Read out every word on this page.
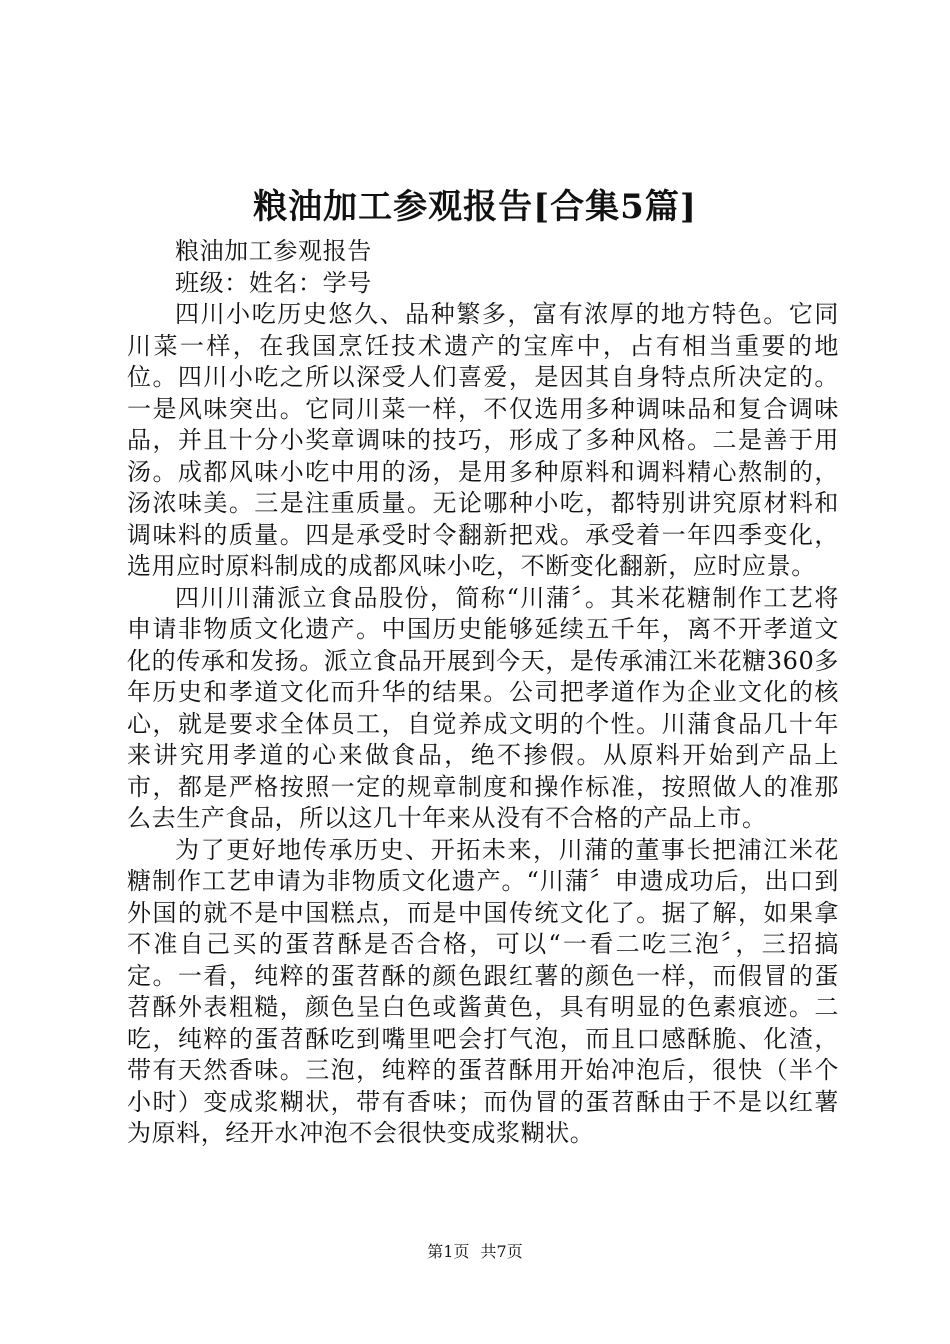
粮油加工参观报告[合集5篇]

粮油加工参观报告

班级：姓名：学号

四川小吃历史悠久、品种繁多，富有浓厚的地方特色。它同川菜一样，在我国烹饪技术遗产的宝库中，占有相当重要的地位。四川小吃之所以深受人们喜爱，是因其自身特点所决定的。一是风味突出。它同川菜一样，不仅选用多种调味品和复合调味品，并且十分小奖章调味的技巧，形成了多种风格。二是善于用汤。成都风味小吃中用的汤，是用多种原料和调料精心熬制的，汤浓味美。三是注重质量。无论哪种小吃，都特别讲究原材料和调味料的质量。四是承受时令翻新把戏。承受着一年四季变化，选用应时原料制成的成都风味小吃，不断变化翻新，应时应景。

四川川蒲派立食品股份，简称“川蒲〞。其米花糖制作工艺将申请非物质文化遗产。中国历史能够延续五千年，离不开孝道文化的传承和发扬。派立食品开展到今天，是传承浦江米花糖360多年历史和孝道文化而升华的结果。公司把孝道作为企业文化的核心，就是要求全体员工，自觉养成文明的个性。川蒲食品几十年来讲究用孝道的心来做食品，绝不掺假。从原料开始到产品上市，都是严格按照一定的规章制度和操作标准，按照做人的准那么去生产食品，所以这几十年来从没有不合格的产品上市。

为了更好地传承历史、开拓未来，川蒲的董事长把浦江米花糖制作工艺申请为非物质文化遗产。“川蒲〞申遗成功后，出口到外国的就不是中国糕点，而是中国传统文化了。据了解，如果拿不准自己买的蛋苕酥是否合格，可以“一看二吃三泡〞，三招搞定。一看，纯粹的蛋苕酥的颜色跟红薯的颜色一样，而假冒的蛋苕酥外表粗糙，颜色呈白色或酱黄色，具有明显的色素痕迹。二吃，纯粹的蛋苕酥吃到嘴里吧会打气泡，而且口感酥脆、化渣，带有天然香味。三泡，纯粹的蛋苕酥用开始冲泡后，很快（半个小时）变成浆糊状，带有香味；而伪冒的蛋苕酥由于不是以红薯为原料，经开水冲泡不会很快变成浆糊状。

第1页 共7页
